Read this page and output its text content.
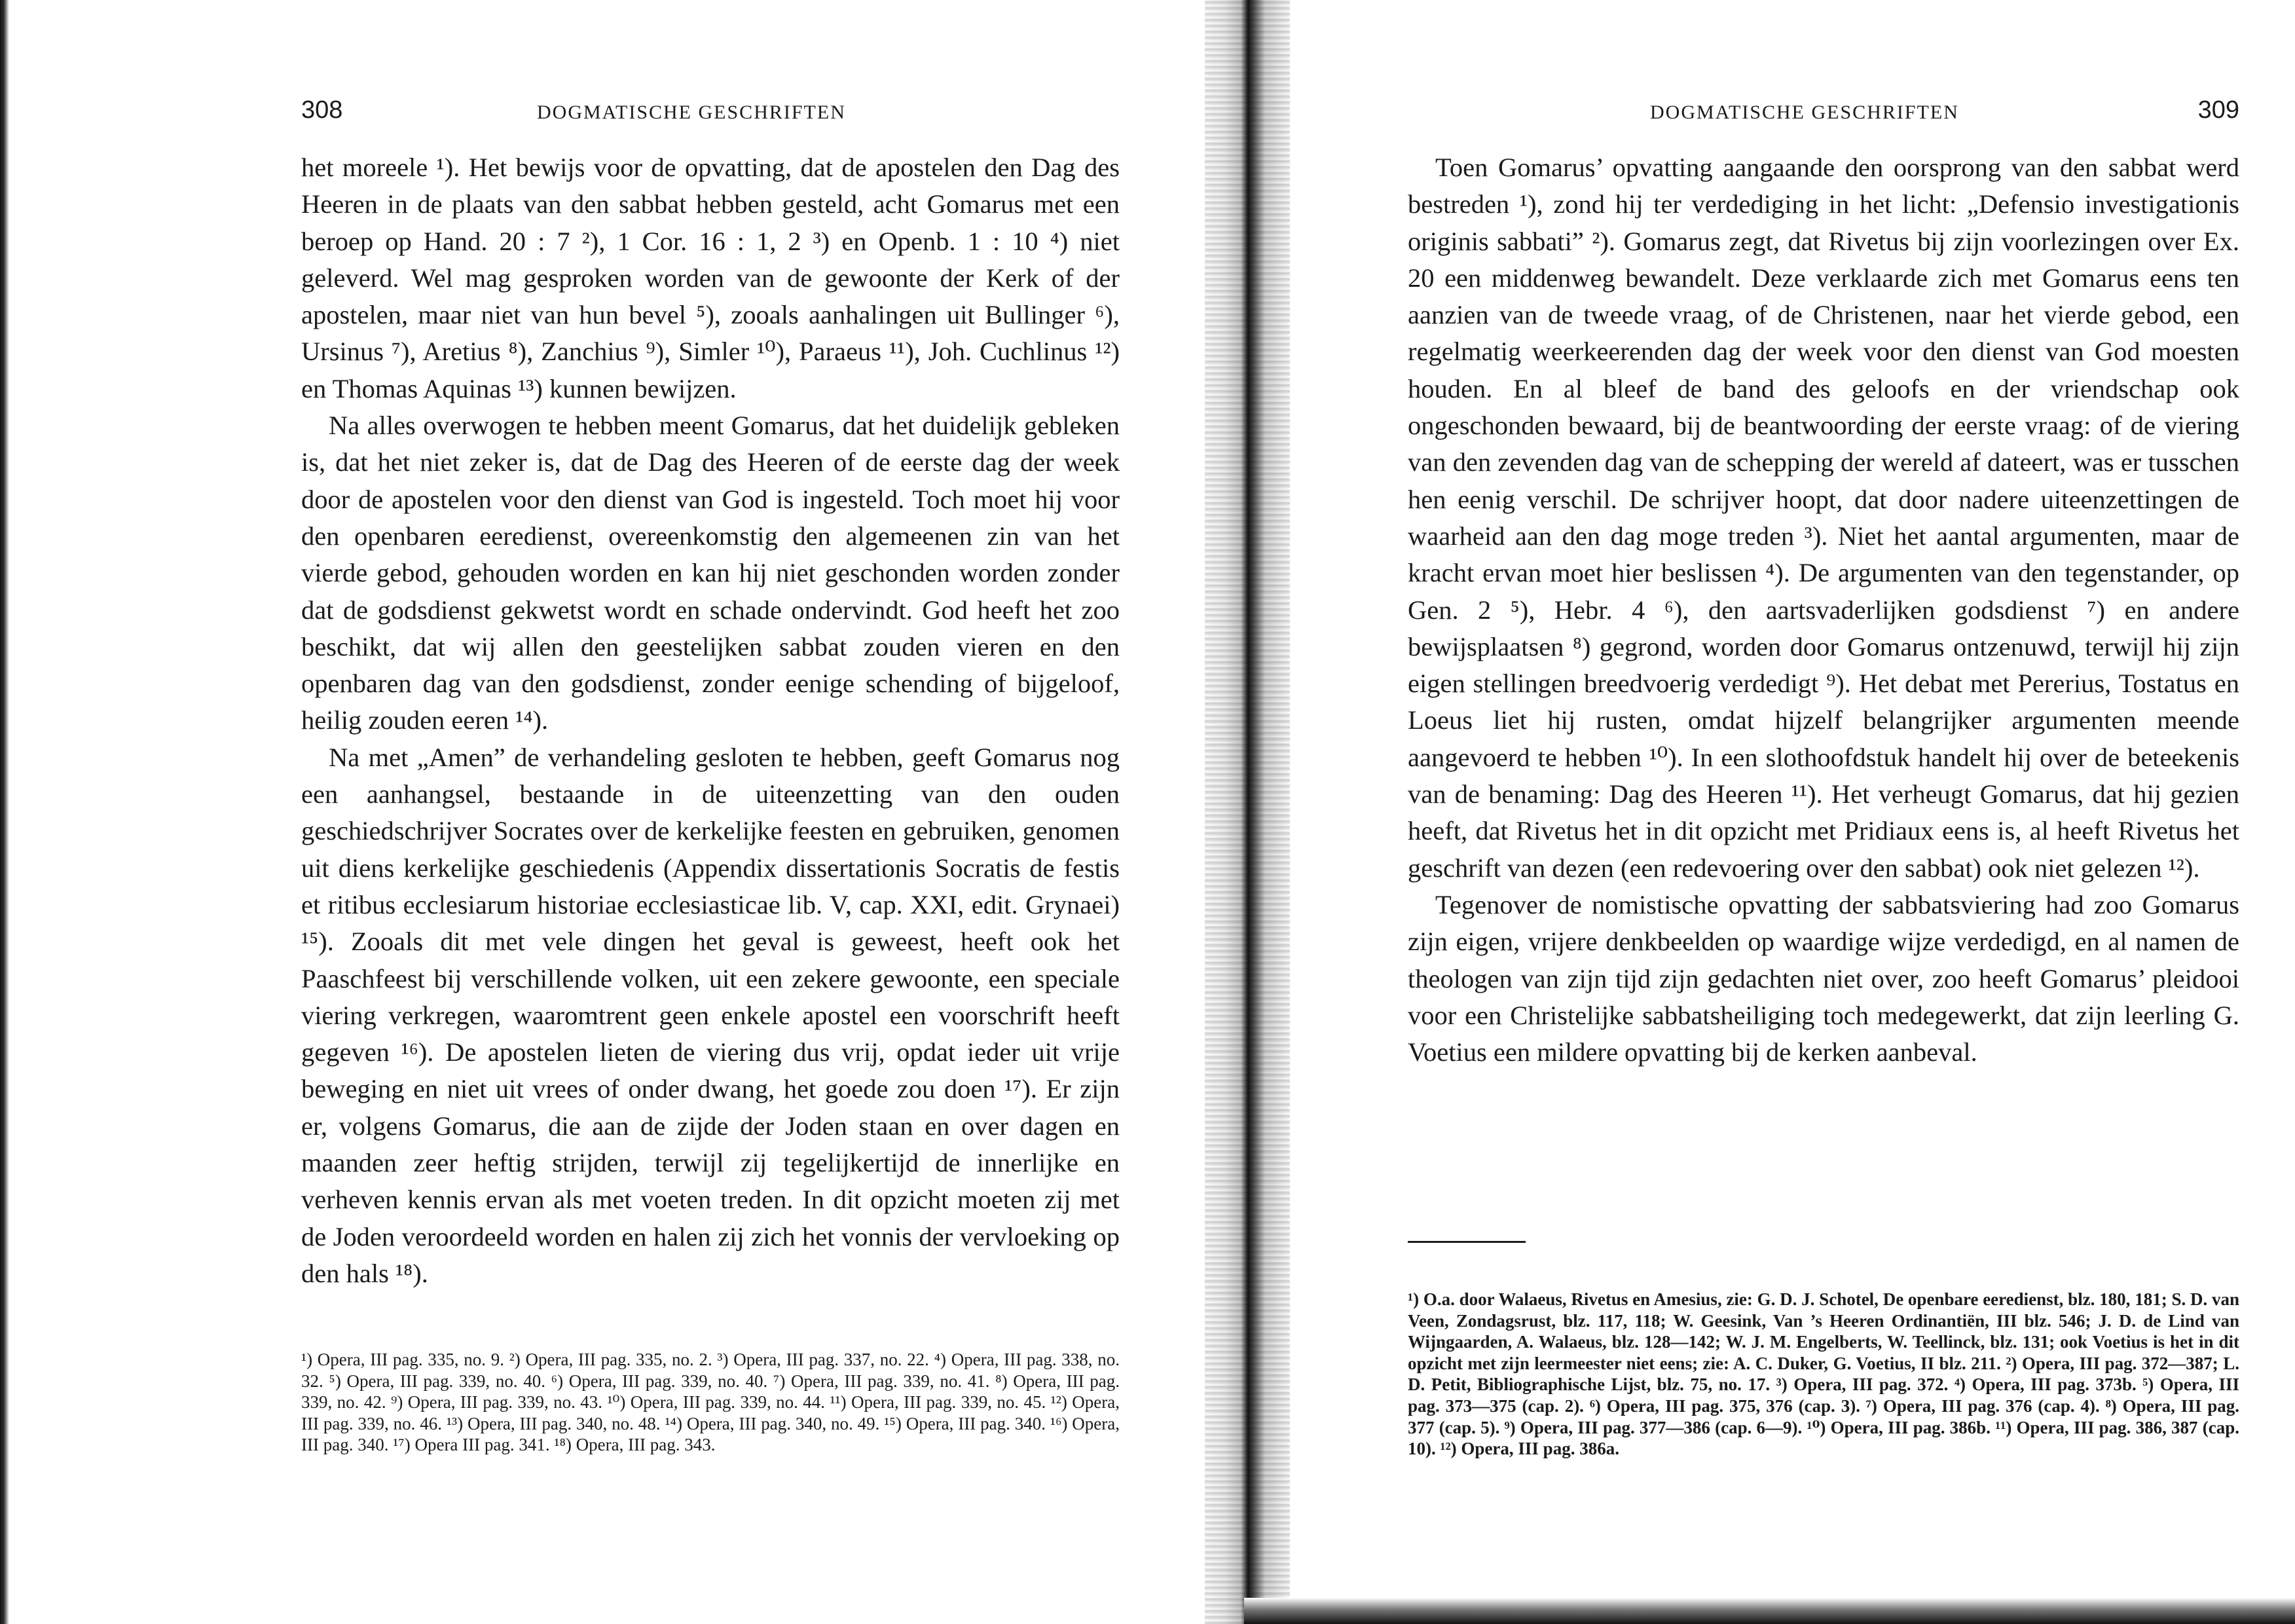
308	DOGMATISCHE GESCHRIFTEN

het moreele ¹). Het bewijs voor de opvatting, dat de apostelen den Dag des Heeren in de plaats van den sabbat hebben gesteld, acht Gomarus met een beroep op Hand. 20 : 7 ²), 1 Cor. 16 : 1, 2 ³) en Openb. 1 : 10 ⁴) niet geleverd. Wel mag gesproken worden van de gewoonte der Kerk of der apostelen, maar niet van hun bevel ⁵), zooals aanhalingen uit Bullinger ⁶), Ursinus ⁷), Aretius ⁸), Zanchius ⁹), Simler ¹⁰), Paraeus ¹¹), Joh. Cuchlinus ¹²) en Thomas Aquinas ¹³) kunnen bewijzen.

Na alles overwogen te hebben meent Gomarus, dat het duidelijk gebleken is, dat het niet zeker is, dat de Dag des Heeren of de eerste dag der week door de apostelen voor den dienst van God is ingesteld. Toch moet hij voor den openbaren eeredienst, overeenkomstig den algemeenen zin van het vierde gebod, gehouden worden en kan hij niet geschonden worden zonder dat de godsdienst gekwetst wordt en schade ondervindt. God heeft het zoo beschikt, dat wij allen den geestelijken sabbat zouden vieren en den openbaren dag van den godsdienst, zonder eenige schending of bijgeloof, heilig zouden eeren ¹⁴).

Na met „Amen” de verhandeling gesloten te hebben, geeft Gomarus nog een aanhangsel, bestaande in de uiteenzetting van den ouden geschiedschrijver Socrates over de kerkelijke feesten en gebruiken, genomen uit diens kerkelijke geschiedenis (Appendix dissertationis Socratis de festis et ritibus ecclesiarum historiae ecclesiasticae lib. V, cap. XXI, edit. Grynaei) ¹⁵). Zooals dit met vele dingen het geval is geweest, heeft ook het Paaschfeest bij verschillende volken, uit een zekere gewoonte, een speciale viering verkregen, waaromtrent geen enkele apostel een voorschrift heeft gegeven ¹⁶). De apostelen lieten de viering dus vrij, opdat ieder uit vrije beweging en niet uit vrees of onder dwang, het goede zou doen ¹⁷). Er zijn er, volgens Gomarus, die aan de zijde der Joden staan en over dagen en maanden zeer heftig strijden, terwijl zij tegelijkertijd de innerlijke en verheven kennis ervan als met voeten treden. In dit opzicht moeten zij met de Joden veroordeeld worden en halen zij zich het vonnis der vervloeking op den hals ¹⁸).

¹) Opera, III pag. 335, no. 9. ²) Opera, III pag. 335, no. 2. ³) Opera, III pag. 337, no. 22. ⁴) Opera, III pag. 338, no. 32. ⁵) Opera, III pag. 339, no. 40. ⁶) Opera, III pag. 339, no. 40. ⁷) Opera, III pag. 339, no. 41. ⁸) Opera, III pag. 339, no. 42. ⁹) Opera, III pag. 339, no. 43. ¹⁰) Opera, III pag. 339, no. 44. ¹¹) Opera, III pag. 339, no. 45. ¹²) Opera, III pag. 339, no. 46. ¹³) Opera, III pag. 340, no. 48. ¹⁴) Opera, III pag. 340, no. 49. ¹⁵) Opera, III pag. 340. ¹⁶) Opera, III pag. 340. ¹⁷) Opera III pag. 341. ¹⁸) Opera, III pag. 343.

DOGMATISCHE GESCHRIFTEN	309

Toen Gomarus’ opvatting aangaande den oorsprong van den sabbat werd bestreden ¹), zond hij ter verdediging in het licht: „Defensio investigationis originis sabbati” ²). Gomarus zegt, dat Rivetus bij zijn voorlezingen over Ex. 20 een middenweg bewandelt. Deze verklaarde zich met Gomarus eens ten aanzien van de tweede vraag, of de Christenen, naar het vierde gebod, een regelmatig weerkeerenden dag der week voor den dienst van God moesten houden. En al bleef de band des geloofs en der vriendschap ook ongeschonden bewaard, bij de beantwoording der eerste vraag: of de viering van den zevenden dag van de schepping der wereld af dateert, was er tusschen hen eenig verschil. De schrijver hoopt, dat door nadere uiteenzettingen de waarheid aan den dag moge treden ³). Niet het aantal argumenten, maar de kracht ervan moet hier beslissen ⁴). De argumenten van den tegenstander, op Gen. 2 ⁵), Hebr. 4 ⁶), den aartsvaderlijken godsdienst ⁷) en andere bewijsplaatsen ⁸) gegrond, worden door Gomarus ontzenuwd, terwijl hij zijn eigen stellingen breedvoerig verdedigt ⁹). Het debat met Pererius, Tostatus en Loeus liet hij rusten, omdat hijzelf belangrijker argumenten meende aangevoerd te hebben ¹⁰). In een slothoofdstuk handelt hij over de beteekenis van de benaming: Dag des Heeren ¹¹). Het verheugt Gomarus, dat hij gezien heeft, dat Rivetus het in dit opzicht met Pridiaux eens is, al heeft Rivetus het geschrift van dezen (een redevoering over den sabbat) ook niet gelezen ¹²).

Tegenover de nomistische opvatting der sabbatsviering had zoo Gomarus zijn eigen, vrijere denkbeelden op waardige wijze verdedigd, en al namen de theologen van zijn tijd zijn gedachten niet over, zoo heeft Gomarus’ pleidooi voor een Christelijke sabbatsheiliging toch medegewerkt, dat zijn leerling G. Voetius een mildere opvatting bij de kerken aanbeval.

¹) O.a. door Walaeus, Rivetus en Amesius, zie: G. D. J. Schotel, De openbare eeredienst, blz. 180, 181; S. D. van Veen, Zondagsrust, blz. 117, 118; W. Geesink, Van ’s Heeren Ordinantiën, III blz. 546; J. D. de Lind van Wijngaarden, A. Walaeus, blz. 128—142; W. J. M. Engelberts, W. Teellinck, blz. 131; ook Voetius is het in dit opzicht met zijn leermeester niet eens; zie: A. C. Duker, G. Voetius, II blz. 211. ²) Opera, III pag. 372—387; L. D. Petit, Bibliographische Lijst, blz. 75, no. 17. ³) Opera, III pag. 372. ⁴) Opera, III pag. 373b. ⁵) Opera, III pag. 373—375 (cap. 2). ⁶) Opera, III pag. 375, 376 (cap. 3). ⁷) Opera, III pag. 376 (cap. 4). ⁸) Opera, III pag. 377 (cap. 5). ⁹) Opera, III pag. 377—386 (cap. 6—9). ¹⁰) Opera, III pag. 386b. ¹¹) Opera, III pag. 386, 387 (cap. 10). ¹²) Opera, III pag. 386a.
